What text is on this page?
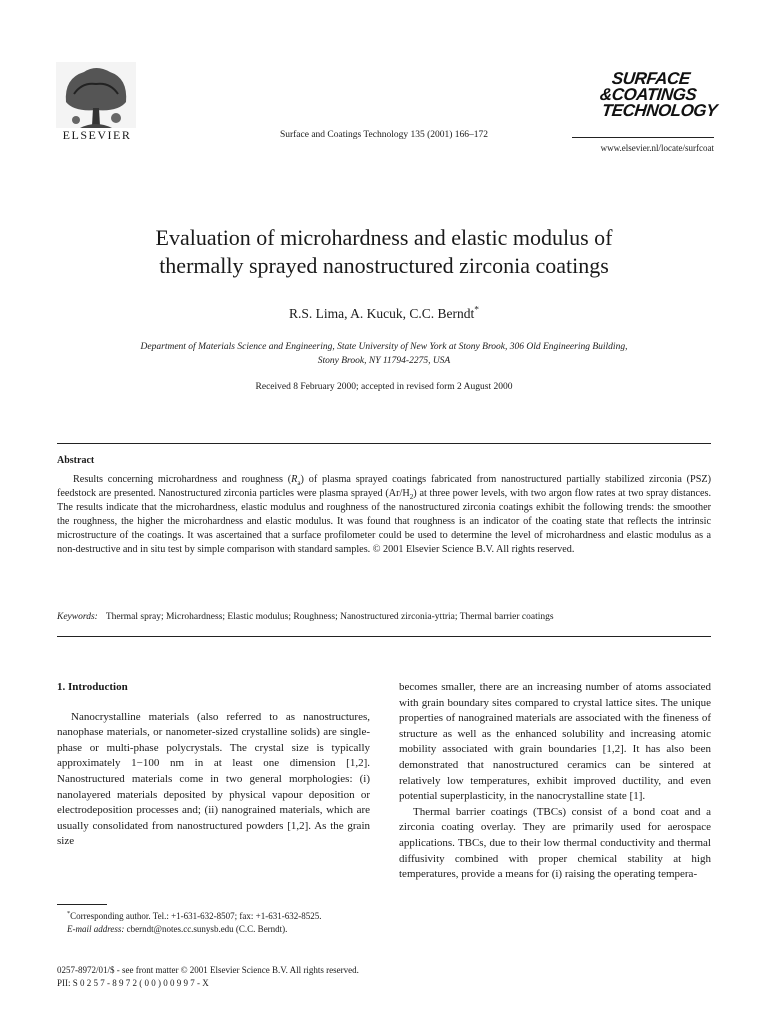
ELSEVIER	Surface and Coatings Technology 135 (2001) 166–172
SURFACE
&COATINGS
TECHNOLOGY
www.elsevier.nl/locate/surfcoat
Evaluation of microhardness and elastic modulus of
thermally sprayed nanostructured zirconia coatings
R.S. Lima, A. Kucuk, C.C. Berndt*
Department of Materials Science and Engineering, State University of New York at Stony Brook, 306 Old Engineering Building,
Stony Brook, NY 11794-2275, USA
Received 8 February 2000; accepted in revised form 2 August 2000
Abstract
Results concerning microhardness and roughness $(R_a)$ of plasma sprayed coatings fabricated from nanostructured partially stabilized zirconia (PSZ) feedstock are presented. Nanostructured zirconia particles were plasma sprayed $(Ar/H_2)$ at three power levels, with two argon flow rates at two spray distances. The results indicate that the microhardness, elastic modulus and roughness of the nanostructured zirconia coatings exhibit the following trends: the smoother the roughness, the higher the microhardness and elastic modulus. It was found that roughness is an indicator of the coating state that reflects the intrinsic microstructure of the coatings. It was ascertained that a surface profilometer could be used to determine the level of microhardness and elastic modulus as a non-destructive and in situ test by simple comparison with standard samples. © 2001 Elsevier Science B.V. All rights reserved.
Keywords: Thermal spray; Microhardness; Elastic modulus; Roughness; Nanostructured zirconia-yttria; Thermal barrier coatings

1. Introduction

Nanocrystalline materials (also referred to as nanostructures, nanophase materials, or nanometer-sized crystalline solids) are single-phase or multi-phase polycrystals. The crystal size is typically approximately 1−100 nm in at least one dimension [1,2]. Nanostructured materials come in two general morphologies: (i) nanolayered materials deposited by physical vapour deposition or electrodeposition processes and; (ii) nanograined materials, which are usually consolidated from nanostructured powders [1,2]. As the grain size

becomes smaller, there are an increasing number of atoms associated with grain boundary sites compared to crystal lattice sites. The unique properties of nanograined materials are associated with the fineness of structure as well as the enhanced solubility and increasing atomic mobility associated with grain boundaries [1,2]. It has also been demonstrated that nanostructured ceramics can be sintered at relatively low temperatures, exhibit improved ductility, and even potential superplasticity, in the nanocrystalline state [1].

Thermal barrier coatings (TBCs) consist of a bond coat and a zirconia coating overlay. They are primarily used for aerospace applications. TBCs, due to their low thermal conductivity and thermal diffusivity combined with proper chemical stability at high temperatures, provide a means for (i) raising the operating tempera-

*Corresponding author. Tel.: +1-631-632-8507; fax: +1-631-632-8525.

E-mail address: cberndt@notes.cc.sunysb.edu (C.C. Berndt).

0257-8972/01/$ - see front matter © 2001 Elsevier Science B.V. All rights reserved.
PII: S 0 2 5 7 - 8 9 7 2 ( 0 0 ) 0 0 9 9 7 - X
